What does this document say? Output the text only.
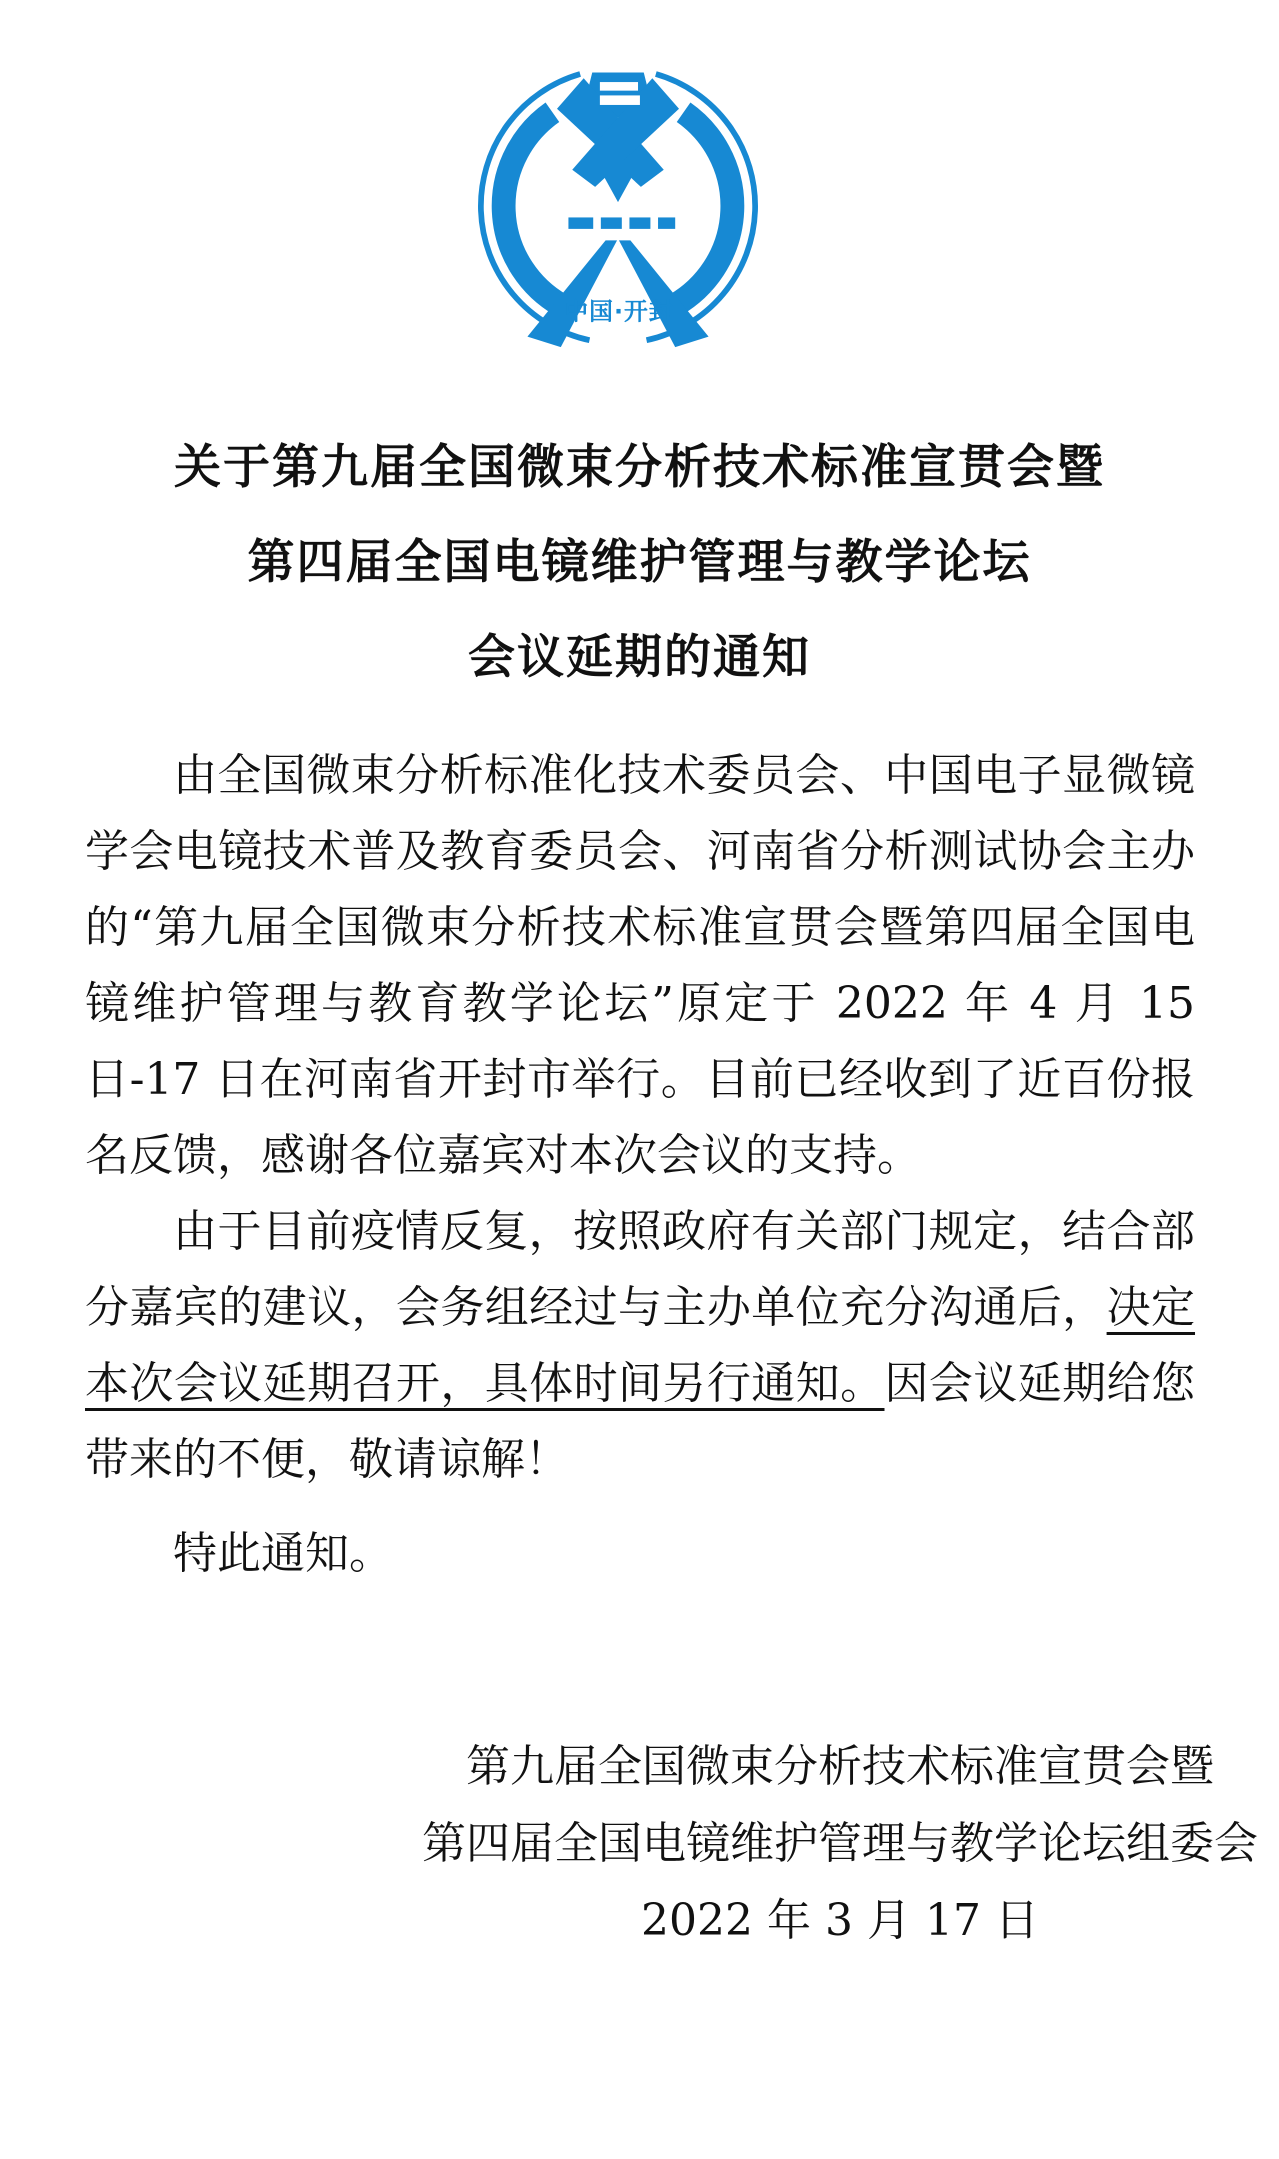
中国·开封
关于第九届全国微束分析技术标准宣贯会暨
第四届全国电镜维护管理与教学论坛
会议延期的通知

由全国微束分析标准化技术委员会、中国电子显微镜学会电镜技术普及教育委员会、河南省分析测试协会主办的“第九届全国微束分析技术标准宣贯会暨第四届全国电镜维护管理与教育教学论坛”原定于 2022 年 4 月 15 日-17 日在河南省开封市举行。目前已经收到了近百份报名反馈，感谢各位嘉宾对本次会议的支持。

由于目前疫情反复，按照政府有关部门规定，结合部分嘉宾的建议，会务组经过与主办单位充分沟通后，决定本次会议延期召开，具体时间另行通知。因会议延期给您带来的不便，敬请谅解！

特此通知。

第九届全国微束分析技术标准宣贯会暨
第四届全国电镜维护管理与教学论坛组委会
2022 年 3 月 17 日
